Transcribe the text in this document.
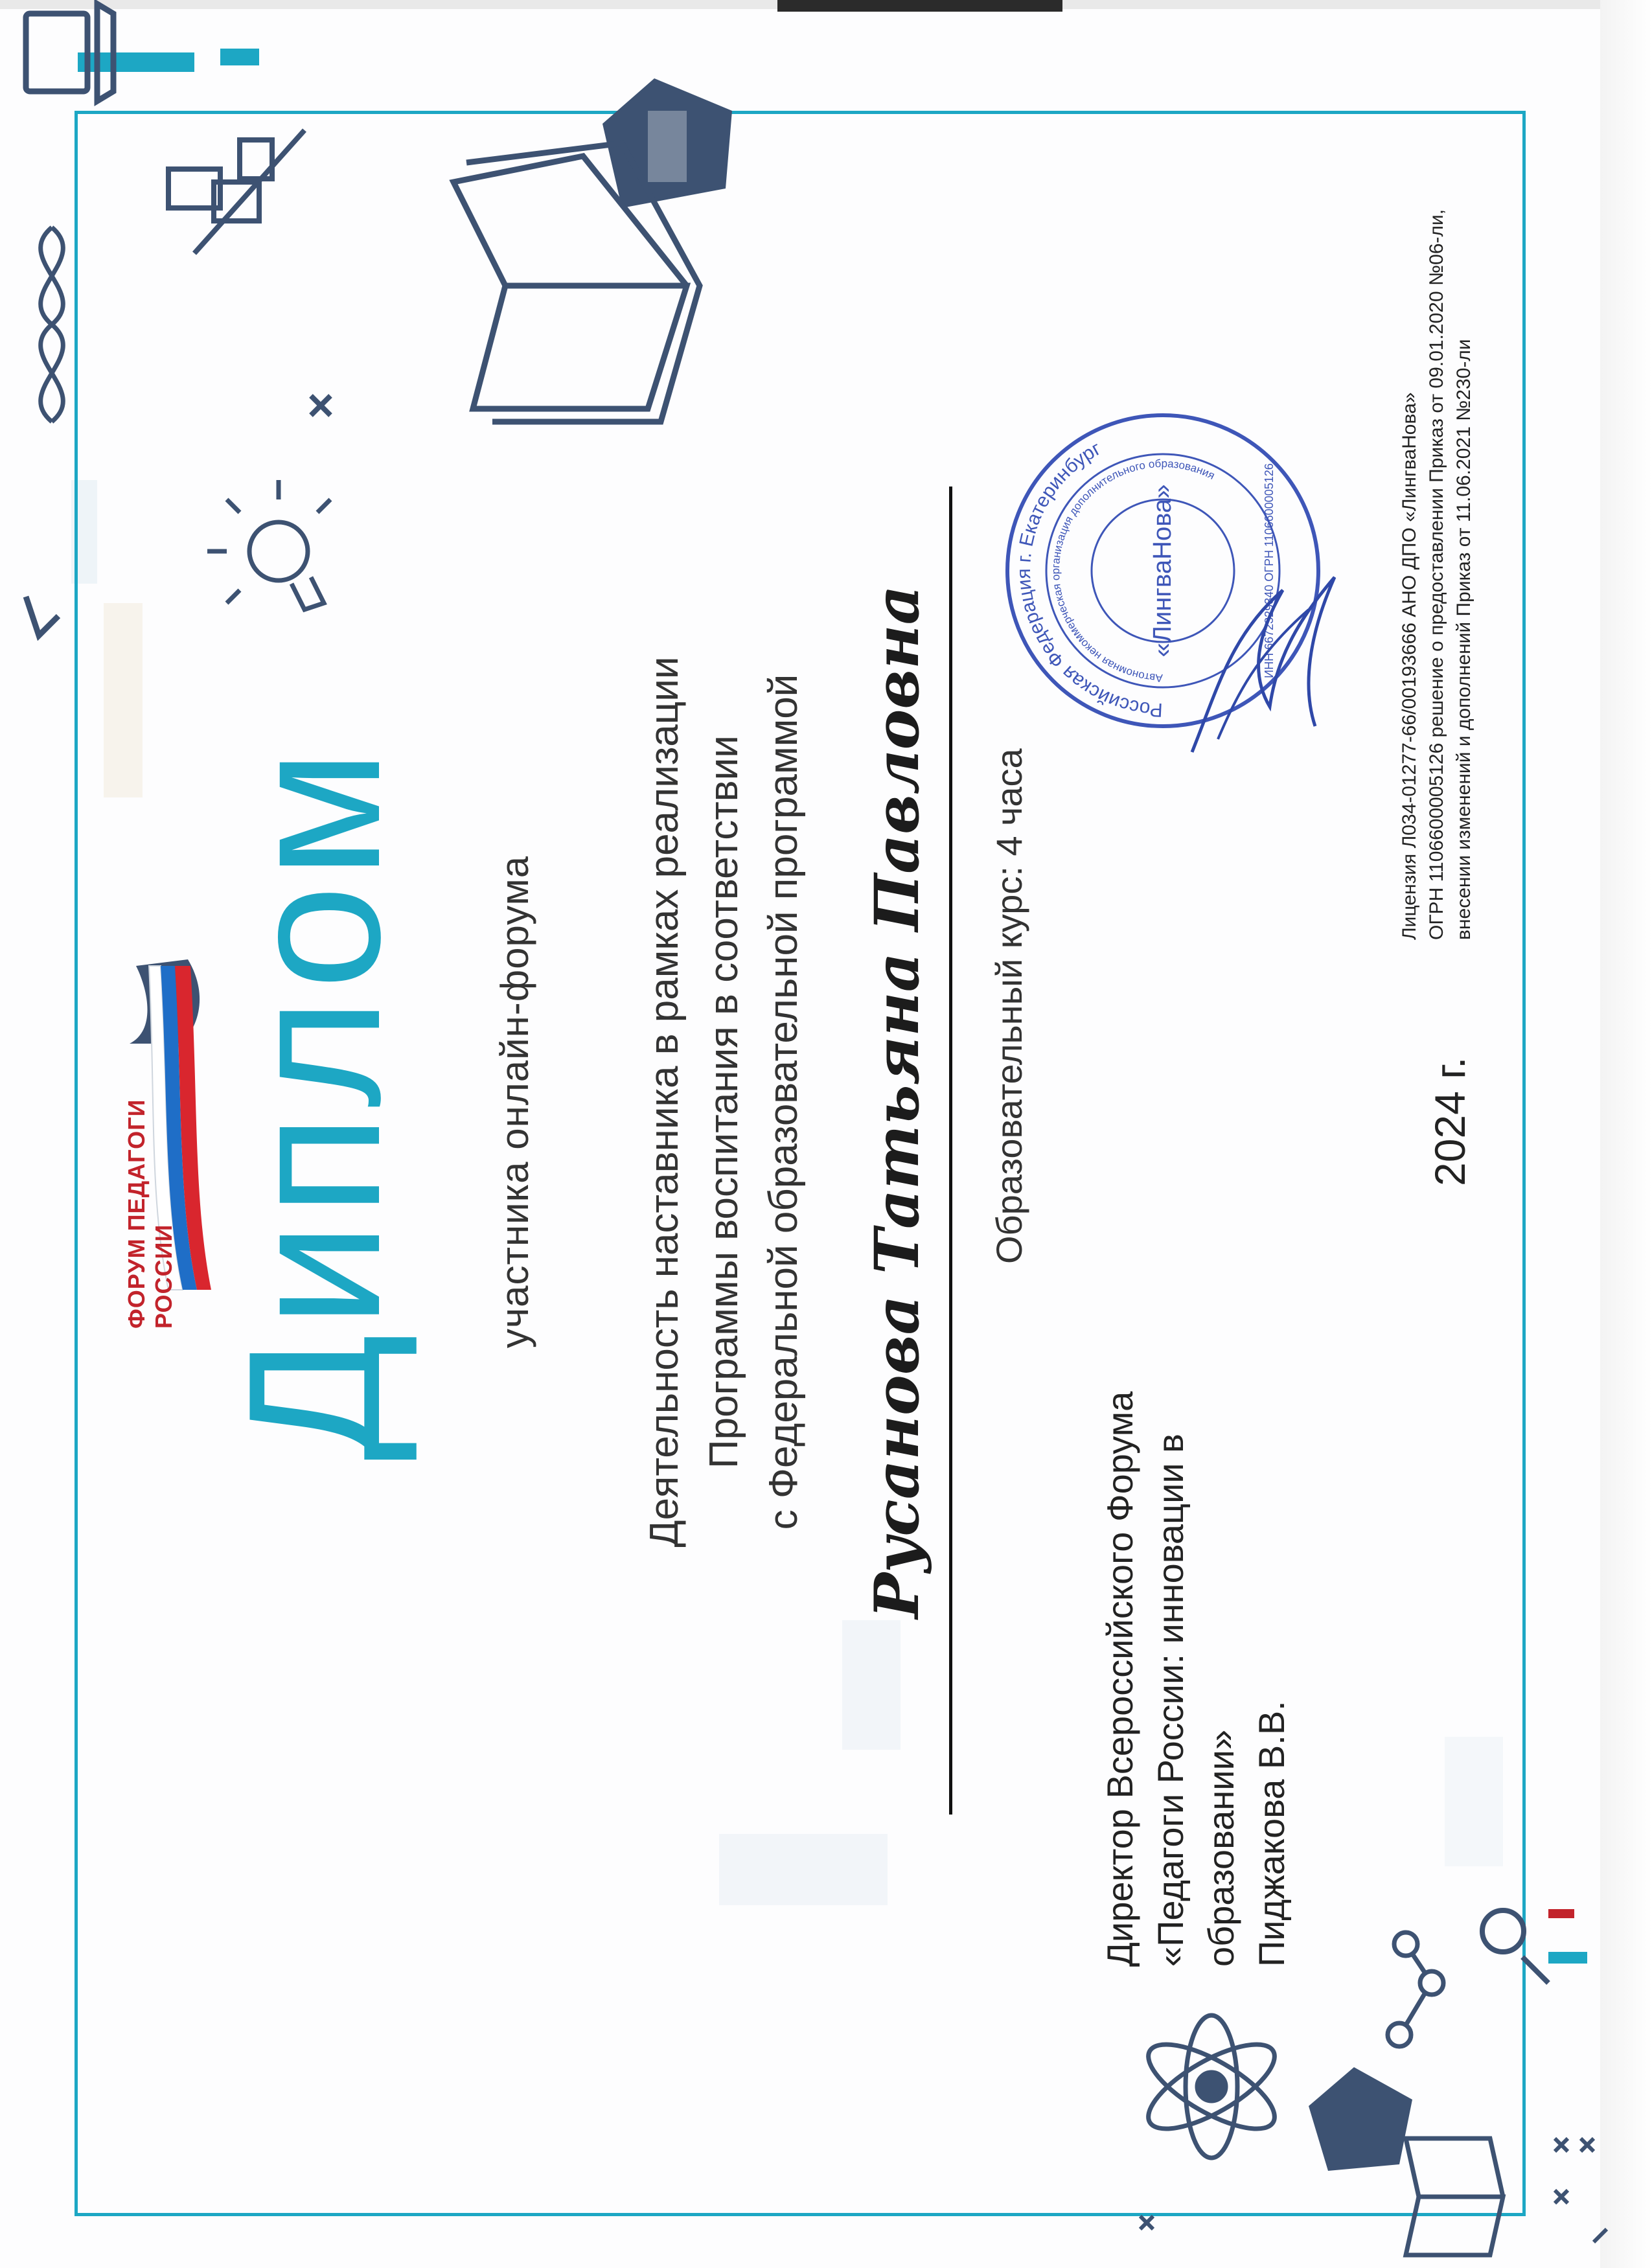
ФОРУМ ПЕДАГОГИ РОССИИ Диплом участника онлайн-форума	Деятельность наставника в рамках реализации Программы воспитания в соответствии с Федеральной образовательной программой Русанова Татьяна Павловна Образовательный курс: 4 часа
Директор Всероссийского Форума «Педагоги России: инновации в образовании» Пиджакова В.В.
2024 г.
Лицензия Л034-01277-66/00193666 АНО ДПО «ЛингваНова» ОГРН 1106600005126 решение о предоставлении Приказ от 09.01.2020 №06-ли, внесении изменений и дополнений Приказ от 11.06.2021 №230-ли
Российская Федерация г. Екатеринбург
Автономная некоммерческая организация дополнительного образования
«ЛингваНова»	ИНН 6672329340 ОГРН 1106600005126
